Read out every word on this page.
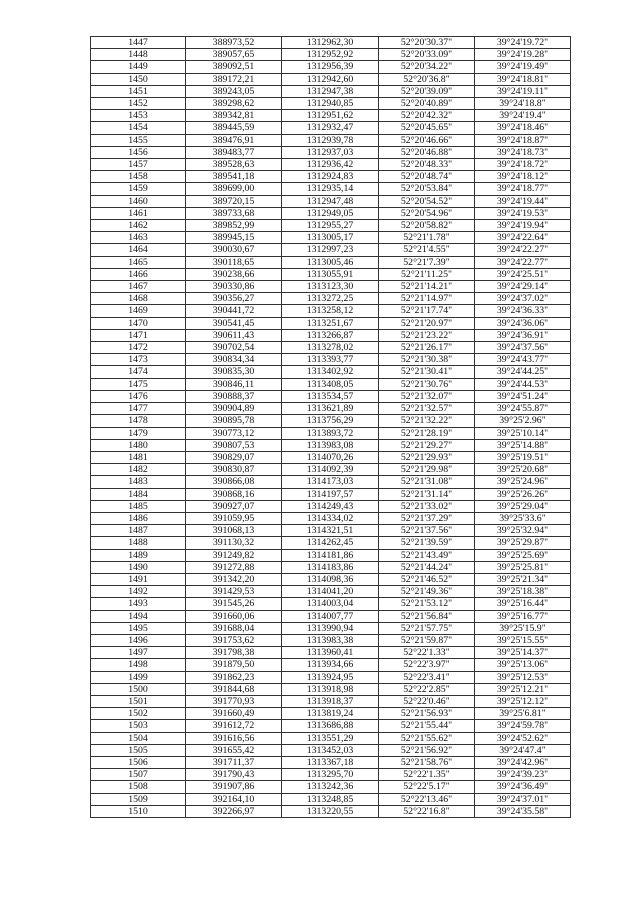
1447	388973,52	1312962,30	52°20'30.37"	39°24'19.72"
1448	389057,65	1312952,92	52°20'33.09"	39°24'19.28"
1449	389092,51	1312956,39	52°20'34.22"	39°24'19.49"
1450	389172,21	1312942,60	52°20'36.8"	39°24'18.81"
1451	389243,05	1312947,38	52°20'39.09"	39°24'19.11"
1452	389298,62	1312940,85	52°20'40.89"	39°24'18.8"
1453	389342,81	1312951,62	52°20'42.32"	39°24'19.4"
1454	389445,59	1312932,47	52°20'45.65"	39°24'18.46"
1455	389476,91	1312939,78	52°20'46.66"	39°24'18.87"
1456	389483,77	1312937,03	52°20'46.88"	39°24'18.73"
1457	389528,63	1312936,42	52°20'48.33"	39°24'18.72"
1458	389541,18	1312924,83	52°20'48.74"	39°24'18.12"
1459	389699,00	1312935,14	52°20'53.84"	39°24'18.77"
1460	389720,15	1312947,48	52°20'54.52"	39°24'19.44"
1461	389733,68	1312949,05	52°20'54.96"	39°24'19.53"
1462	389852,99	1312955,27	52°20'58.82"	39°24'19.94"
1463	389945,15	1313005,17	52°21'1.78"	39°24'22.64"
1464	390030,67	1312997,23	52°21'4.55"	39°24'22.27"
1465	390118,65	1313005,46	52°21'7.39"	39°24'22.77"
1466	390238,66	1313055,91	52°21'11.25"	39°24'25.51"
1467	390330,86	1313123,30	52°21'14.21"	39°24'29.14"
1468	390356,27	1313272,25	52°21'14.97"	39°24'37.02"
1469	390441,72	1313258,12	52°21'17.74"	39°24'36.33"
1470	390541,45	1313251,67	52°21'20.97"	39°24'36.06"
1471	390611,43	1313266,87	52°21'23.22"	39°24'36.91"
1472	390702,54	1313278,02	52°21'26.17"	39°24'37.56"
1473	390834,34	1313393,77	52°21'30.38"	39°24'43.77"
1474	390835,30	1313402,92	52°21'30.41"	39°24'44.25"
1475	390846,11	1313408,05	52°21'30.76"	39°24'44.53"
1476	390888,37	1313534,57	52°21'32.07"	39°24'51.24"
1477	390904,89	1313621,89	52°21'32.57"	39°24'55.87"
1478	390895,78	1313756,29	52°21'32.22"	39°25'2.96"
1479	390773,12	1313893,72	52°21'28.19"	39°25'10.14"
1480	390807,53	1313983,08	52°21'29.27"	39°25'14.88"
1481	390829,07	1314070,26	52°21'29.93"	39°25'19.51"
1482	390830,87	1314092,39	52°21'29.98"	39°25'20.68"
1483	390866,08	1314173,03	52°21'31.08"	39°25'24.96"
1484	390868,16	1314197,57	52°21'31.14"	39°25'26.26"
1485	390927,07	1314249,43	52°21'33.02"	39°25'29.04"
1486	391059,95	1314334,02	52°21'37.29"	39°25'33.6"
1487	391068,13	1314321,51	52°21'37.56"	39°25'32.94"
1488	391130,32	1314262,45	52°21'39.59"	39°25'29.87"
1489	391249,82	1314181,86	52°21'43.49"	39°25'25.69"
1490	391272,88	1314183,86	52°21'44.24"	39°25'25.81"
1491	391342,20	1314098,36	52°21'46.52"	39°25'21.34"
1492	391429,53	1314041,20	52°21'49.36"	39°25'18.38"
1493	391545,26	1314003,04	52°21'53.12"	39°25'16.44"
1494	391660,06	1314007,77	52°21'56.84"	39°25'16.77"
1495	391688,04	1313990,94	52°21'57.75"	39°25'15.9"
1496	391753,62	1313983,38	52°21'59.87"	39°25'15.55"
1497	391798,38	1313960,41	52°22'1.33"	39°25'14.37"
1498	391879,50	1313934,66	52°22'3.97"	39°25'13.06"
1499	391862,23	1313924,95	52°22'3.41"	39°25'12.53"
1500	391844,68	1313918,98	52°22'2.85"	39°25'12.21"
1501	391770,93	1313918,37	52°22'0.46"	39°25'12.12"
1502	391660,49	1313819,24	52°21'56.93"	39°25'6.81"
1503	391612,72	1313686,88	52°21'55.44"	39°24'59.78"
1504	391616,56	1313551,29	52°21'55.62"	39°24'52.62"
1505	391655,42	1313452,03	52°21'56.92"	39°24'47.4"
1506	391711,37	1313367,18	52°21'58.76"	39°24'42.96"
1507	391790,43	1313295,70	52°22'1.35"	39°24'39.23"
1508	391907,86	1313242,36	52°22'5.17"	39°24'36.49"
1509	392164,10	1313248,85	52°22'13.46"	39°24'37.01"
1510	392266,97	1313220,55	52°22'16.8"	39°24'35.58"
